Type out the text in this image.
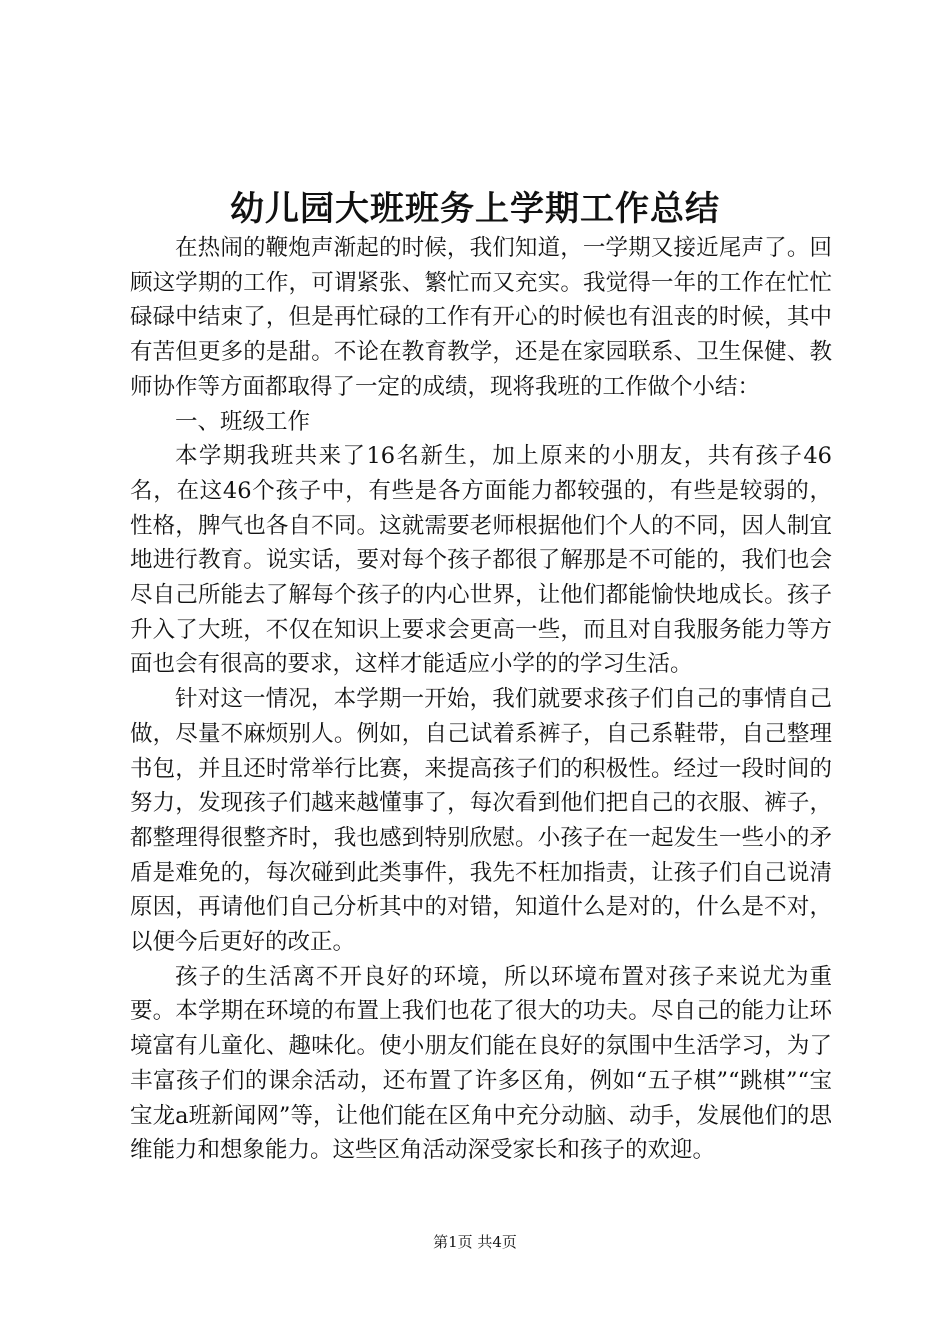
幼儿园大班班务上学期工作总结

在热闹的鞭炮声渐起的时候，我们知道，一学期又接近尾声了。回顾这学期的工作，可谓紧张、繁忙而又充实。我觉得一年的工作在忙忙碌碌中结束了，但是再忙碌的工作有开心的时候也有沮丧的时候，其中有苦但更多的是甜。不论在教育教学，还是在家园联系、卫生保健、教师协作等方面都取得了一定的成绩，现将我班的工作做个小结：

一、班级工作

本学期我班共来了16名新生，加上原来的小朋友，共有孩子46名，在这46个孩子中，有些是各方面能力都较强的，有些是较弱的，性格，脾气也各自不同。这就需要老师根据他们个人的不同，因人制宜地进行教育。说实话，要对每个孩子都很了解那是不可能的，我们也会尽自己所能去了解每个孩子的内心世界，让他们都能愉快地成长。孩子升入了大班，不仅在知识上要求会更高一些，而且对自我服务能力等方面也会有很高的要求，这样才能适应小学的的学习生活。

针对这一情况，本学期一开始，我们就要求孩子们自己的事情自己做，尽量不麻烦别人。例如，自己试着系裤子，自己系鞋带，自己整理书包，并且还时常举行比赛，来提高孩子们的积极性。经过一段时间的努力，发现孩子们越来越懂事了，每次看到他们把自己的衣服、裤子，都整理得很整齐时，我也感到特别欣慰。小孩子在一起发生一些小的矛盾是难免的，每次碰到此类事件，我先不枉加指责，让孩子们自己说清原因，再请他们自己分析其中的对错，知道什么是对的，什么是不对，以便今后更好的改正。

孩子的生活离不开良好的环境，所以环境布置对孩子来说尤为重要。本学期在环境的布置上我们也花了很大的功夫。尽自己的能力让环境富有儿童化、趣味化。使小朋友们能在良好的氛围中生活学习，为了丰富孩子们的课余活动，还布置了许多区角，例如“五子棋”“跳棋”“宝宝龙a班新闻网”等，让他们能在区角中充分动脑、动手，发展他们的思维能力和想象能力。这些区角活动深受家长和孩子的欢迎。

第1页 共4页
